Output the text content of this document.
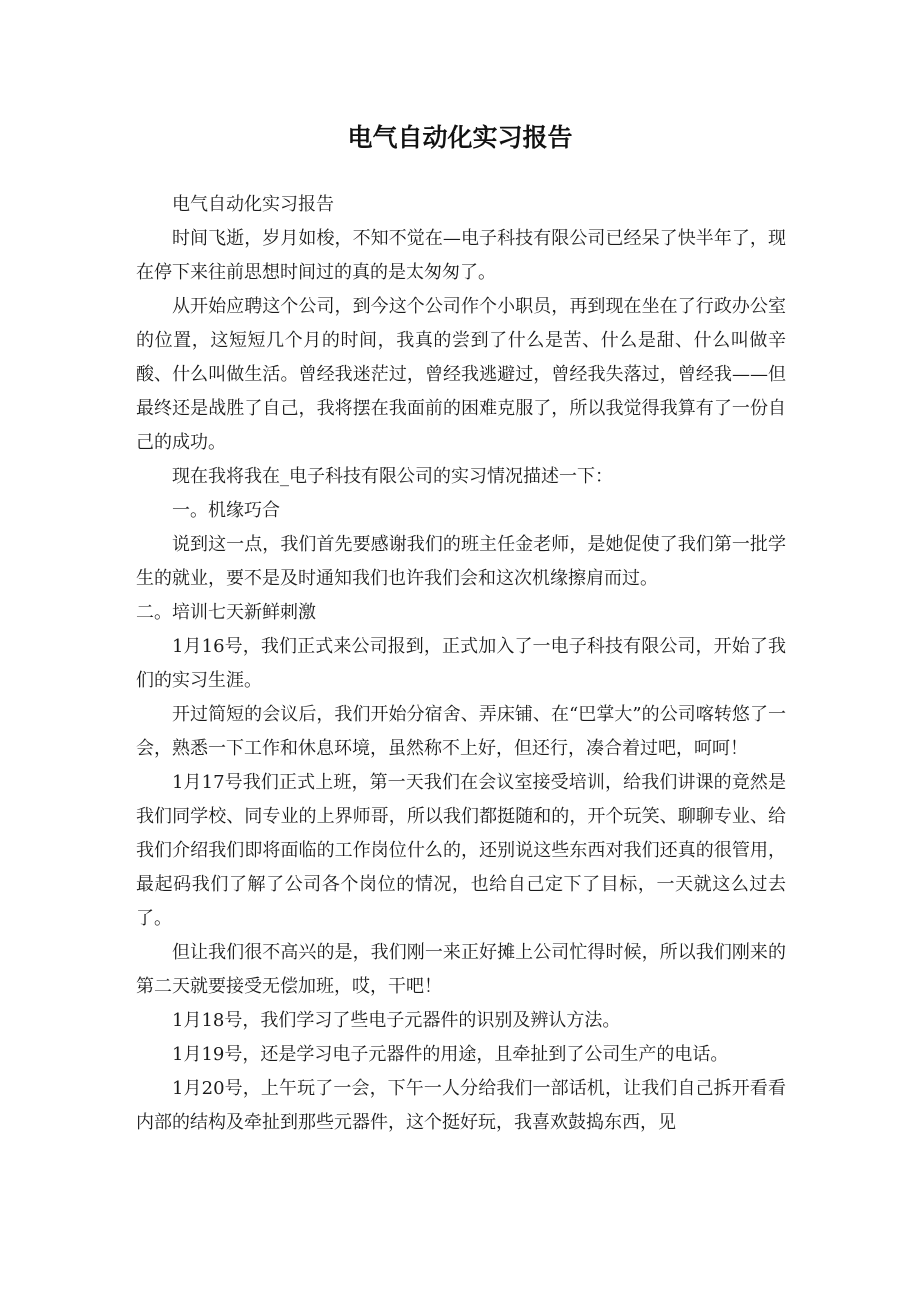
电气自动化实习报告

电气自动化实习报告

时间飞逝，岁月如梭，不知不觉在—电子科技有限公司已经呆了快半年了，现在停下来往前思想时间过的真的是太匆匆了。

从开始应聘这个公司，到今这个公司作个小职员，再到现在坐在了行政办公室的位置，这短短几个月的时间，我真的尝到了什么是苦、什么是甜、什么叫做辛酸、什么叫做生活。曾经我迷茫过，曾经我逃避过，曾经我失落过，曾经我——但最终还是战胜了自己，我将摆在我面前的困难克服了，所以我觉得我算有了一份自己的成功。

现在我将我在_电子科技有限公司的实习情况描述一下：

一。机缘巧合

说到这一点，我们首先要感谢我们的班主任金老师，是她促使了我们第一批学生的就业，要不是及时通知我们也许我们会和这次机缘擦肩而过。

二。培训七天新鲜刺激

1月16号，我们正式来公司报到，正式加入了一电子科技有限公司，开始了我们的实习生涯。

开过简短的会议后，我们开始分宿舍、弄床铺、在“巴掌大”的公司喀转悠了一会，熟悉一下工作和休息环境，虽然称不上好，但还行，凑合着过吧，呵呵！

1月17号我们正式上班，第一天我们在会议室接受培训，给我们讲课的竟然是我们同学校、同专业的上界师哥，所以我们都挺随和的，开个玩笑、聊聊专业、给我们介绍我们即将面临的工作岗位什么的，还别说这些东西对我们还真的很管用，最起码我们了解了公司各个岗位的情况，也给自己定下了目标，一天就这么过去了。

但让我们很不高兴的是，我们刚一来正好摊上公司忙得时候，所以我们刚来的第二天就要接受无偿加班，哎，干吧！

1月18号，我们学习了些电子元器件的识别及辨认方法。

1月19号，还是学习电子元器件的用途，且牵扯到了公司生产的电话。

1月20号，上午玩了一会，下午一人分给我们一部话机，让我们自己拆开看看内部的结构及牵扯到那些元器件，这个挺好玩，我喜欢鼓捣东西，见
